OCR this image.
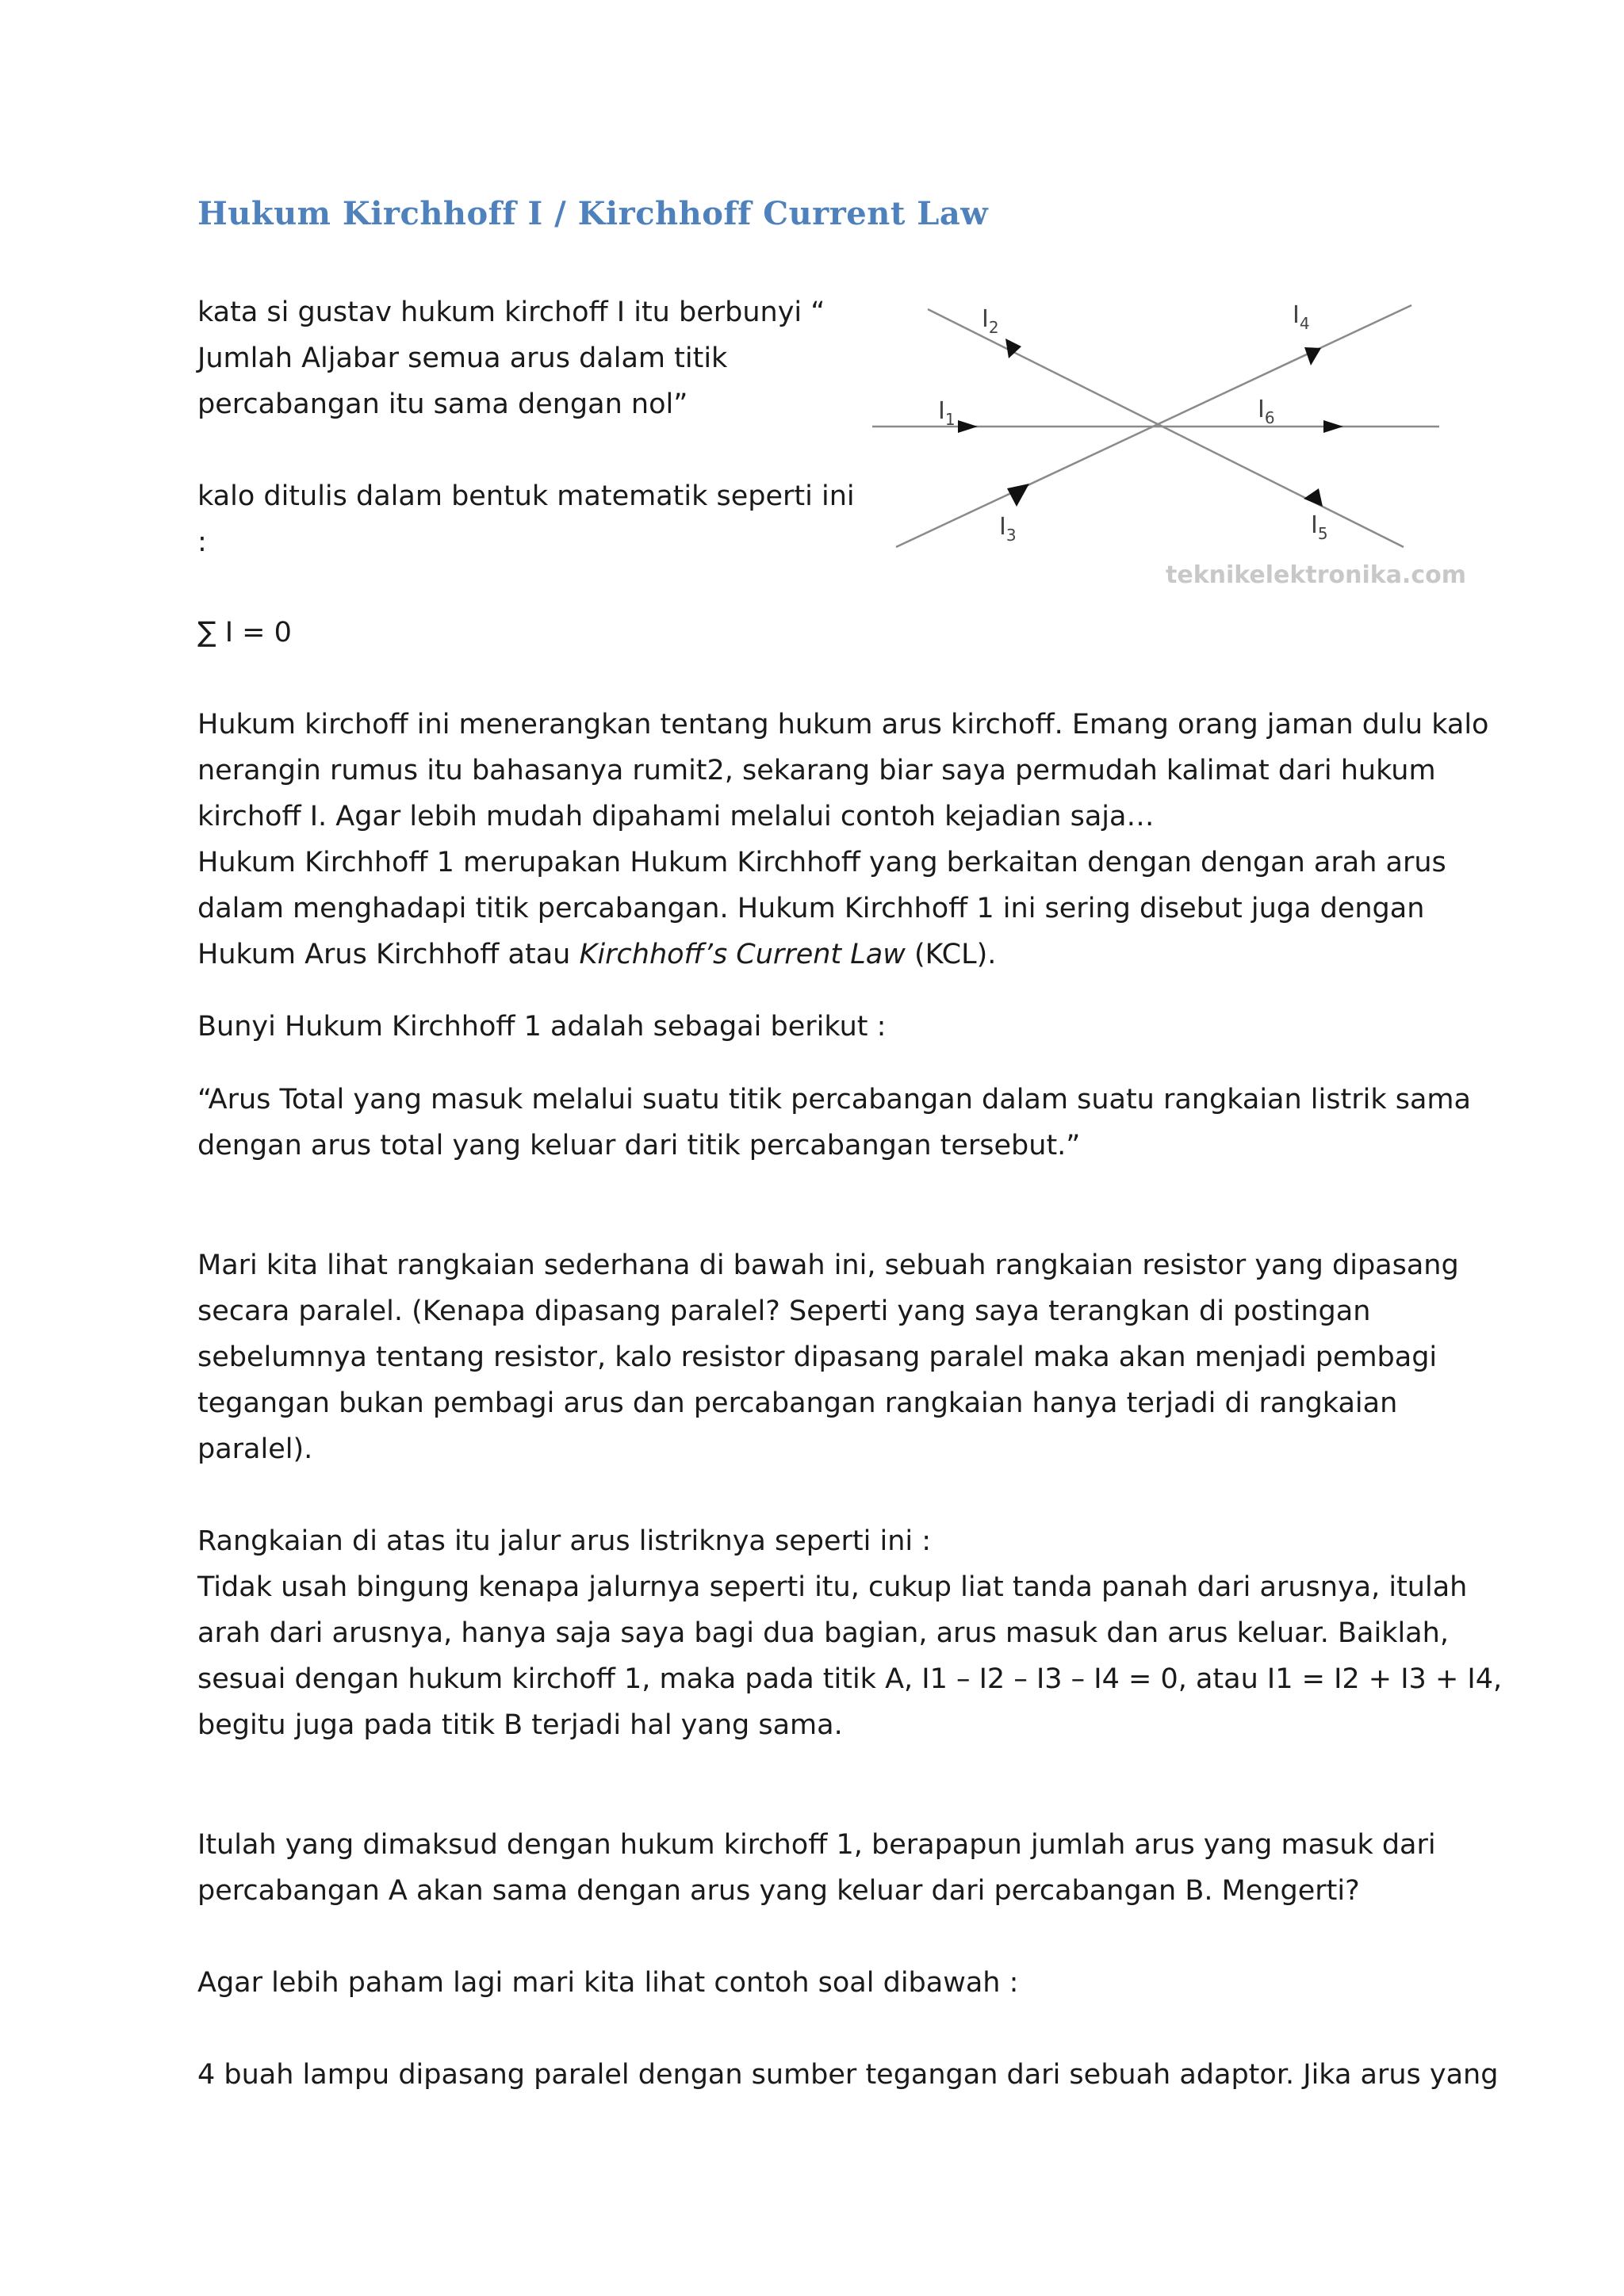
Hukum Kirchhoff I / Kirchhoff Current Law
kata si gustav hukum kirchoff I itu berbunyi “
Jumlah Aljabar semua arus dalam titik
percabangan itu sama dengan nol”
kalo ditulis dalam bentuk matematik seperti ini
:
∑ I = 0
$I_2$
$I_1$
$I_3$
$I_4$
$I_6$
$I_5$
teknikelektronika.com
Hukum kirchoff ini menerangkan tentang hukum arus kirchoff. Emang orang jaman dulu kalo
nerangin rumus itu bahasanya rumit2, sekarang biar saya permudah kalimat dari hukum
kirchoff I. Agar lebih mudah dipahami melalui contoh kejadian saja…
Hukum Kirchhoff 1 merupakan Hukum Kirchhoff yang berkaitan dengan dengan arah arus
dalam menghadapi titik percabangan. Hukum Kirchhoff 1 ini sering disebut juga dengan
Hukum Arus Kirchhoff atau Kirchhoff’s Current Law (KCL).
Bunyi Hukum Kirchhoff 1 adalah sebagai berikut :
“Arus Total yang masuk melalui suatu titik percabangan dalam suatu rangkaian listrik sama
dengan arus total yang keluar dari titik percabangan tersebut.”
Mari kita lihat rangkaian sederhana di bawah ini, sebuah rangkaian resistor yang dipasang
secara paralel. (Kenapa dipasang paralel? Seperti yang saya terangkan di postingan
sebelumnya tentang resistor, kalo resistor dipasang paralel maka akan menjadi pembagi
tegangan bukan pembagi arus dan percabangan rangkaian hanya terjadi di rangkaian
paralel).
Rangkaian di atas itu jalur arus listriknya seperti ini :
Tidak usah bingung kenapa jalurnya seperti itu, cukup liat tanda panah dari arusnya, itulah
arah dari arusnya, hanya saja saya bagi dua bagian, arus masuk dan arus keluar. Baiklah,
sesuai dengan hukum kirchoff 1, maka pada titik A, I1 – I2 – I3 – I4 = 0, atau I1 = I2 + I3 + I4,
begitu juga pada titik B terjadi hal yang sama.
Itulah yang dimaksud dengan hukum kirchoff 1, berapapun jumlah arus yang masuk dari
percabangan A akan sama dengan arus yang keluar dari percabangan B. Mengerti?
Agar lebih paham lagi mari kita lihat contoh soal dibawah :
4 buah lampu dipasang paralel dengan sumber tegangan dari sebuah adaptor. Jika arus yang
